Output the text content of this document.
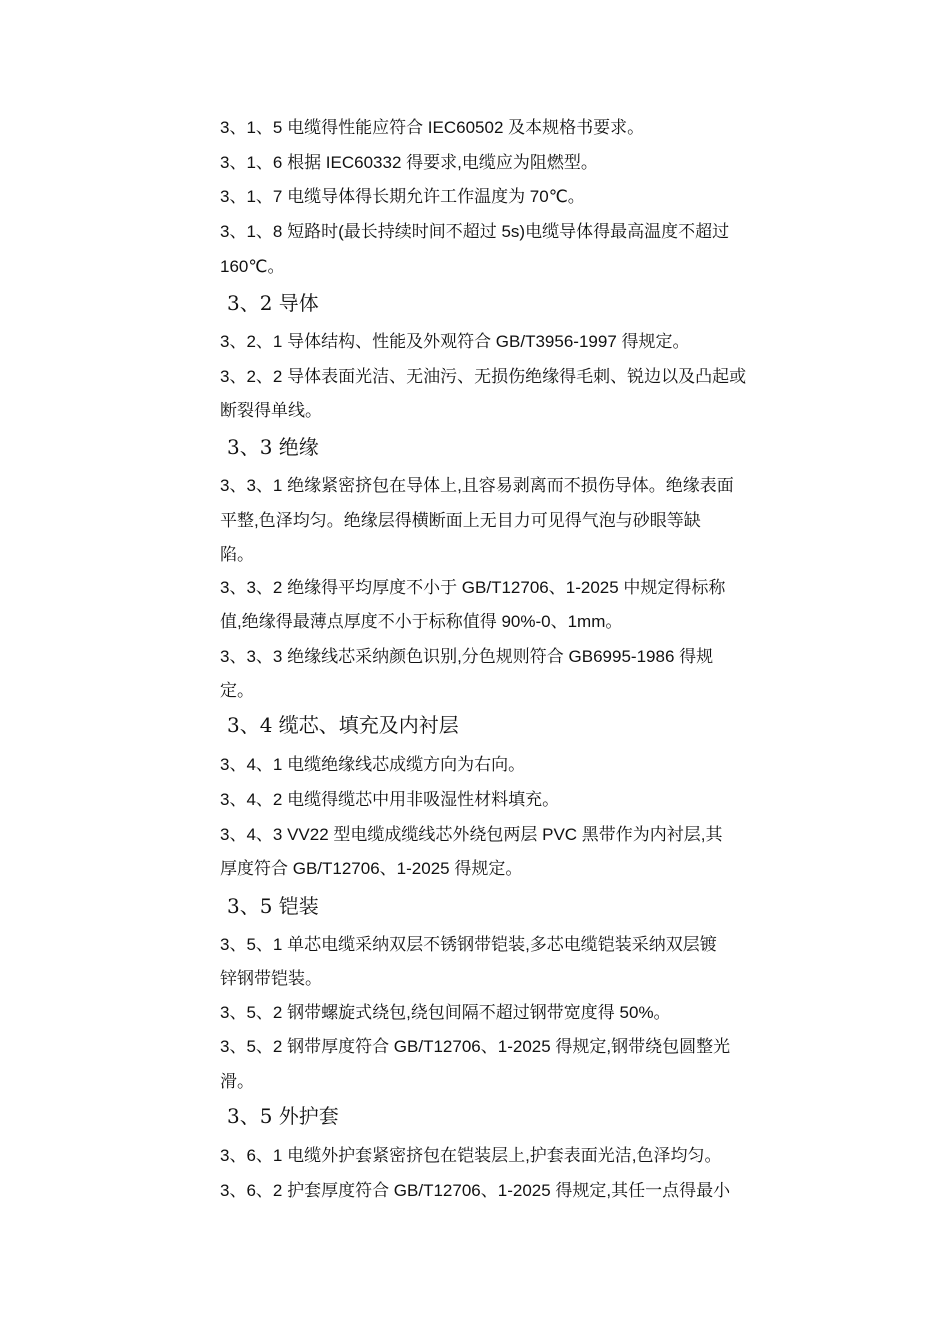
3、1、5 电缆得性能应符合 IEC60502 及本规格书要求。
3、1、6 根据 IEC60332 得要求,电缆应为阻燃型。
3、1、7 电缆导体得长期允许工作温度为 70℃。
3、1、8 短路时(最长持续时间不超过 5s)电缆导体得最高温度不超过
160℃。
3、2 导体
3、2、1 导体结构、性能及外观符合 GB/T3956-1997 得规定。
3、2、2 导体表面光洁、无油污、无损伤绝缘得毛刺、锐边以及凸起或
断裂得单线。
3、3 绝缘
3、3、1 绝缘紧密挤包在导体上,且容易剥离而不损伤导体。绝缘表面
平整,色泽均匀。绝缘层得横断面上无目力可见得气泡与砂眼等缺
陷。
3、3、2 绝缘得平均厚度不小于 GB/T12706、1-2025 中规定得标称
值,绝缘得最薄点厚度不小于标称值得 90%-0、1mm。
3、3、3 绝缘线芯采纳颜色识别,分色规则符合 GB6995-1986 得规
定。
3、4 缆芯、填充及内衬层
3、4、1 电缆绝缘线芯成缆方向为右向。
3、4、2 电缆得缆芯中用非吸湿性材料填充。
3、4、3 VV22 型电缆成缆线芯外绕包两层 PVC 黑带作为内衬层,其
厚度符合 GB/T12706、1-2025 得规定。
3、5 铠装
3、5、1 单芯电缆采纳双层不锈钢带铠装,多芯电缆铠装采纳双层镀
锌钢带铠装。
3、5、2 钢带螺旋式绕包,绕包间隔不超过钢带宽度得 50%。
3、5、2 钢带厚度符合 GB/T12706、1-2025 得规定,钢带绕包圆整光
滑。
3、5 外护套
3、6、1 电缆外护套紧密挤包在铠装层上,护套表面光洁,色泽均匀。
3、6、2 护套厚度符合 GB/T12706、1-2025 得规定,其任一点得最小
